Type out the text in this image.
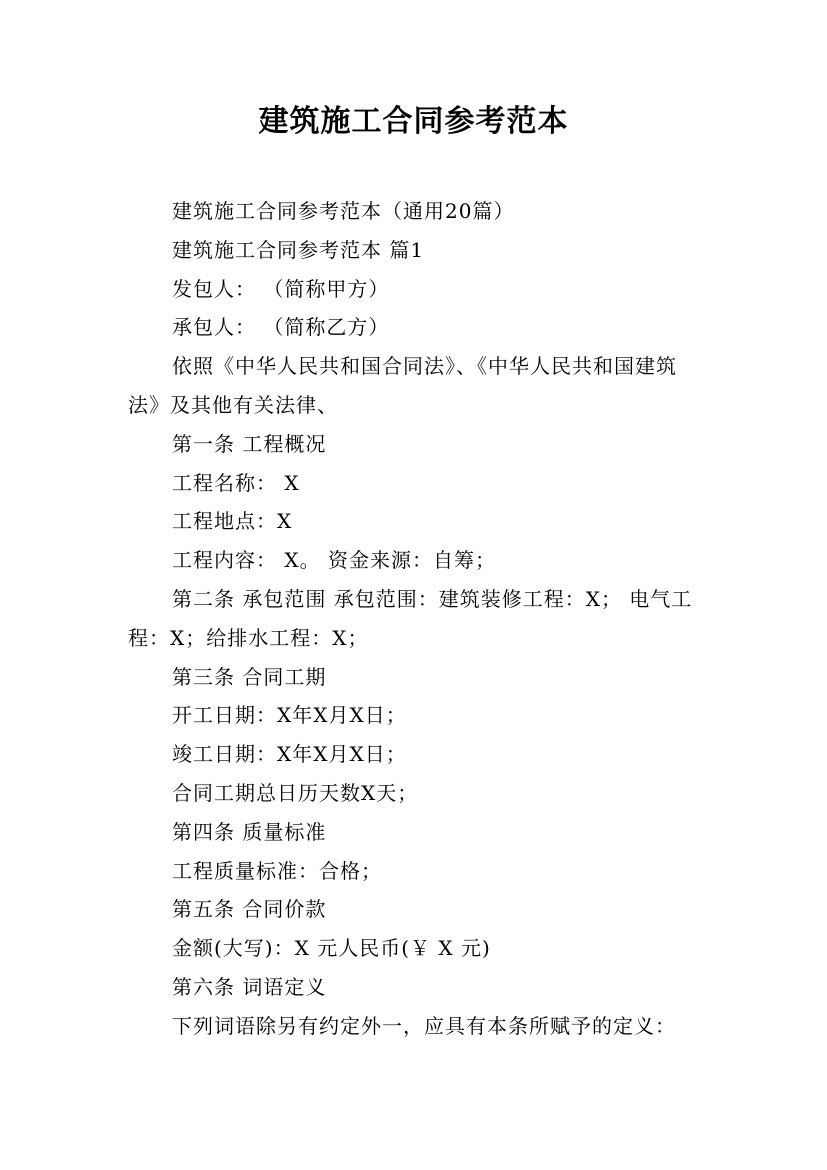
建筑施工合同参考范本

建筑施工合同参考范本（通用20篇）

建筑施工合同参考范本 篇1

发包人： （简称甲方）

承包人： （简称乙方）

依照《中华人民共和国合同法》、《中华人民共和国建筑法》及其他有关法律、

第一条 工程概况

工程名称： X

工程地点：X

工程内容： X。 资金来源：自筹；

第二条 承包范围 承包范围：建筑装修工程：X； 电气工程：X；给排水工程：X；

第三条 合同工期

开工日期：X年X月X日；

竣工日期：X年X月X日；

合同工期总日历天数X天；

第四条 质量标准

工程质量标准：合格；

第五条 合同价款

金额(大写)：X 元人民币(￥ X 元)

第六条 词语定义

下列词语除另有约定外一，应具有本条所赋予的定义：
